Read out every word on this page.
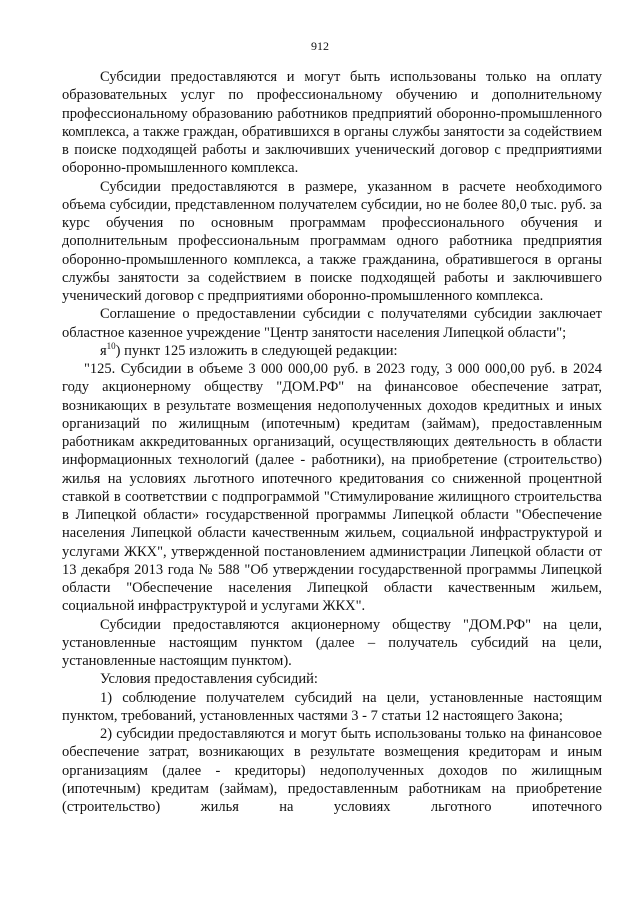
912

Субсидии предоставляются и могут быть использованы только на оплату образовательных услуг по профессиональному обучению и дополнительному профессиональному образованию работников предприятий оборонно-промышленного комплекса, а также граждан, обратившихся в органы службы занятости за содействием в поиске подходящей работы и заключивших ученический договор с предприятиями оборонно-промышленного комплекса.

Субсидии предоставляются в размере, указанном в расчете необходимого объема субсидии, представленном получателем субсидии, но не более 80,0 тыс. руб. за курс обучения по основным программам профессионального обучения и дополнительным профессиональным программам одного работника предприятия оборонно-промышленного комплекса, а также гражданина, обратившегося в органы службы занятости за содействием в поиске подходящей работы и заключившего ученический договор с предприятиями оборонно-промышленного комплекса.

Соглашение о предоставлении субсидии с получателями субсидии заключает областное казенное учреждение "Центр занятости населения Липецкой области";

$я^{10}$) пункт 125 изложить в следующей редакции:

"125. Субсидии в объеме 3 000 000,00 руб. в 2023 году, 3 000 000,00 руб. в 2024 году акционерному обществу "ДОМ.РФ" на финансовое обеспечение затрат, возникающих в результате возмещения недополученных доходов кредитных и иных организаций по жилищным (ипотечным) кредитам (займам), предоставленным работникам аккредитованных организаций, осуществляющих деятельность в области информационных технологий (далее - работники), на приобретение (строительство) жилья на условиях льготного ипотечного кредитования со сниженной процентной ставкой в соответствии с подпрограммой "Стимулирование жилищного строительства в Липецкой области» государственной программы Липецкой области "Обеспечение населения Липецкой области качественным жильем, социальной инфраструктурой и услугами ЖКХ", утвержденной постановлением администрации Липецкой области от 13 декабря 2013 года № 588 "Об утверждении государственной программы Липецкой области "Обеспечение населения Липецкой области качественным жильем, социальной инфраструктурой и услугами ЖКХ".

Субсидии предоставляются акционерному обществу "ДОМ.РФ" на цели, установленные настоящим пунктом (далее – получатель субсидий на цели, установленные настоящим пунктом).

Условия предоставления субсидий:

1) соблюдение получателем субсидий на цели, установленные настоящим пунктом, требований, установленных частями 3 - 7 статьи 12 настоящего Закона;

2) субсидии предоставляются и могут быть использованы только на финансовое обеспечение затрат, возникающих в результате возмещения кредиторам и иным организациям (далее - кредиторы) недополученных доходов по жилищным (ипотечным) кредитам (займам), предоставленным работникам на приобретение (строительство) жилья на условиях льготного ипотечного
